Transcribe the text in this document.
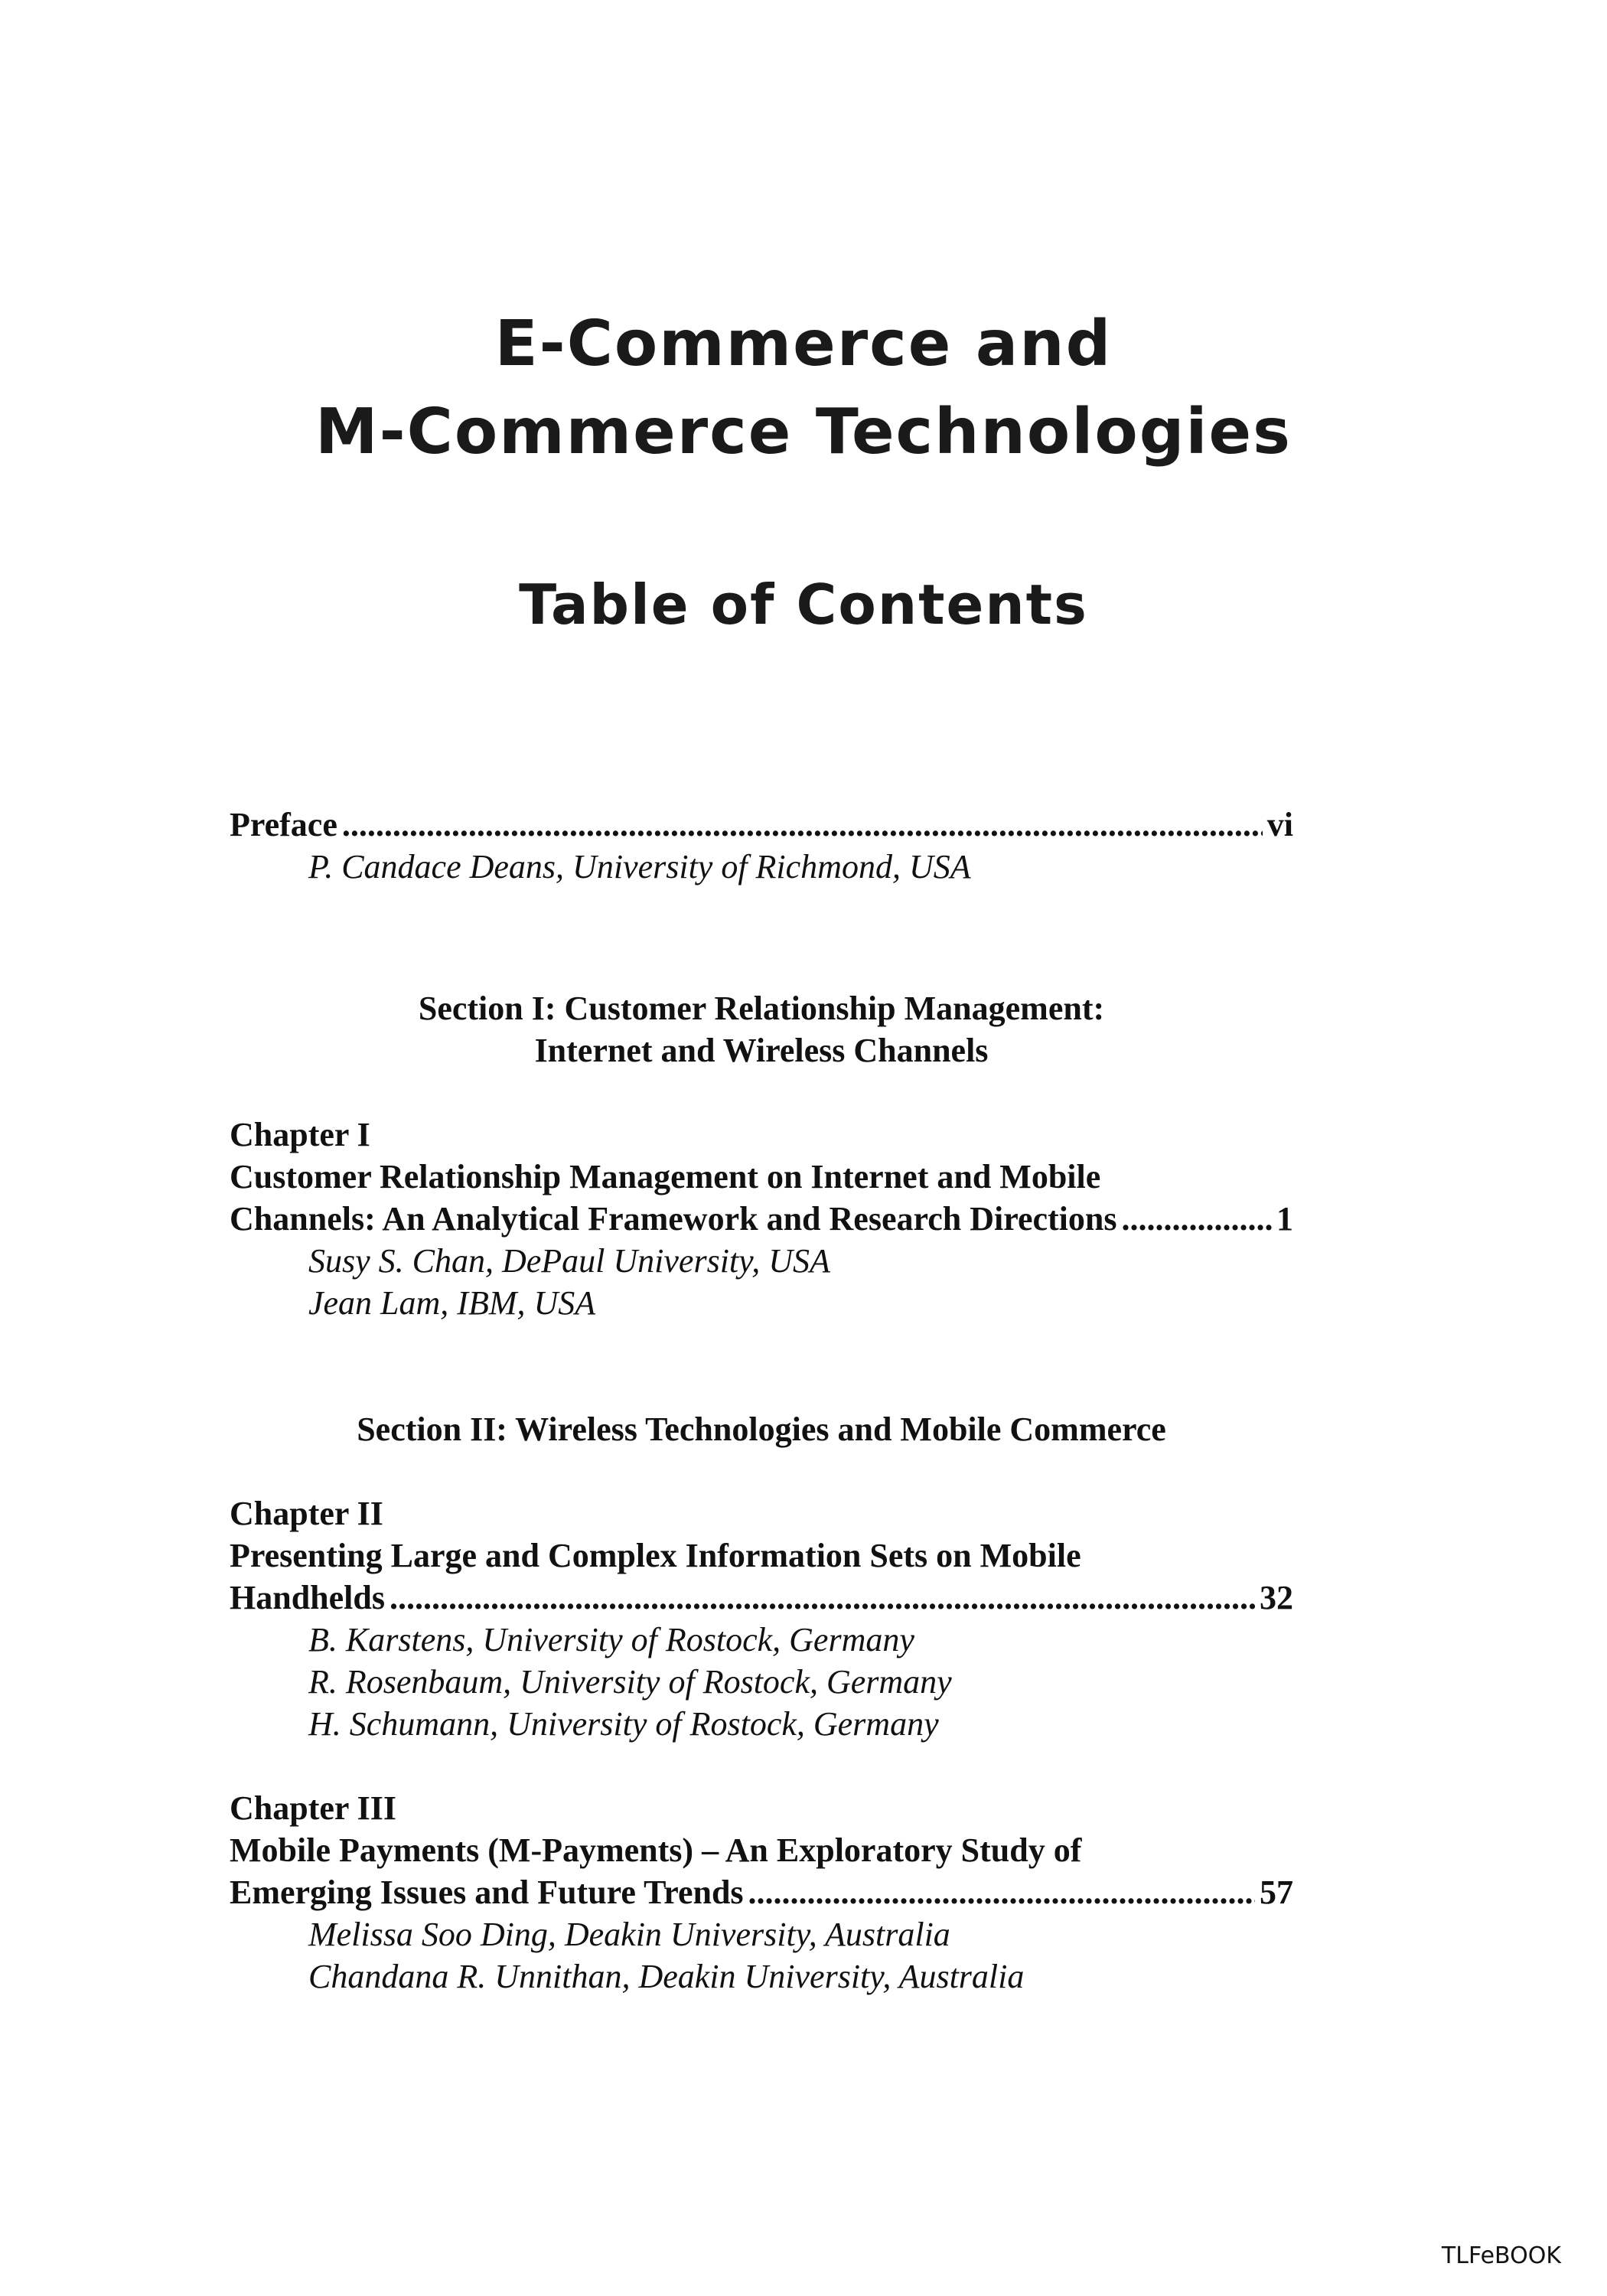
E-Commerce and
M-Commerce Technologies
Table of Contents
Preface .....	vi
P. Candace Deans, University of Richmond, USA
Section I: Customer Relationship Management:
Internet and Wireless Channels
Chapter I
Customer Relationship Management on Internet and Mobile
Channels: An Analytical Framework and Research Directions .....	1
Susy S. Chan, DePaul University, USA
Jean Lam, IBM, USA
Section II: Wireless Technologies and Mobile Commerce
Chapter II
Presenting Large and Complex Information Sets on Mobile
Handhelds .....	32
B. Karstens, University of Rostock, Germany
R. Rosenbaum, University of Rostock, Germany
H. Schumann, University of Rostock, Germany
Chapter III
Mobile Payments (M-Payments) – An Exploratory Study of
Emerging Issues and Future Trends .....	57
Melissa Soo Ding, Deakin University, Australia
Chandana R. Unnithan, Deakin University, Australia
TLFeBOOK
